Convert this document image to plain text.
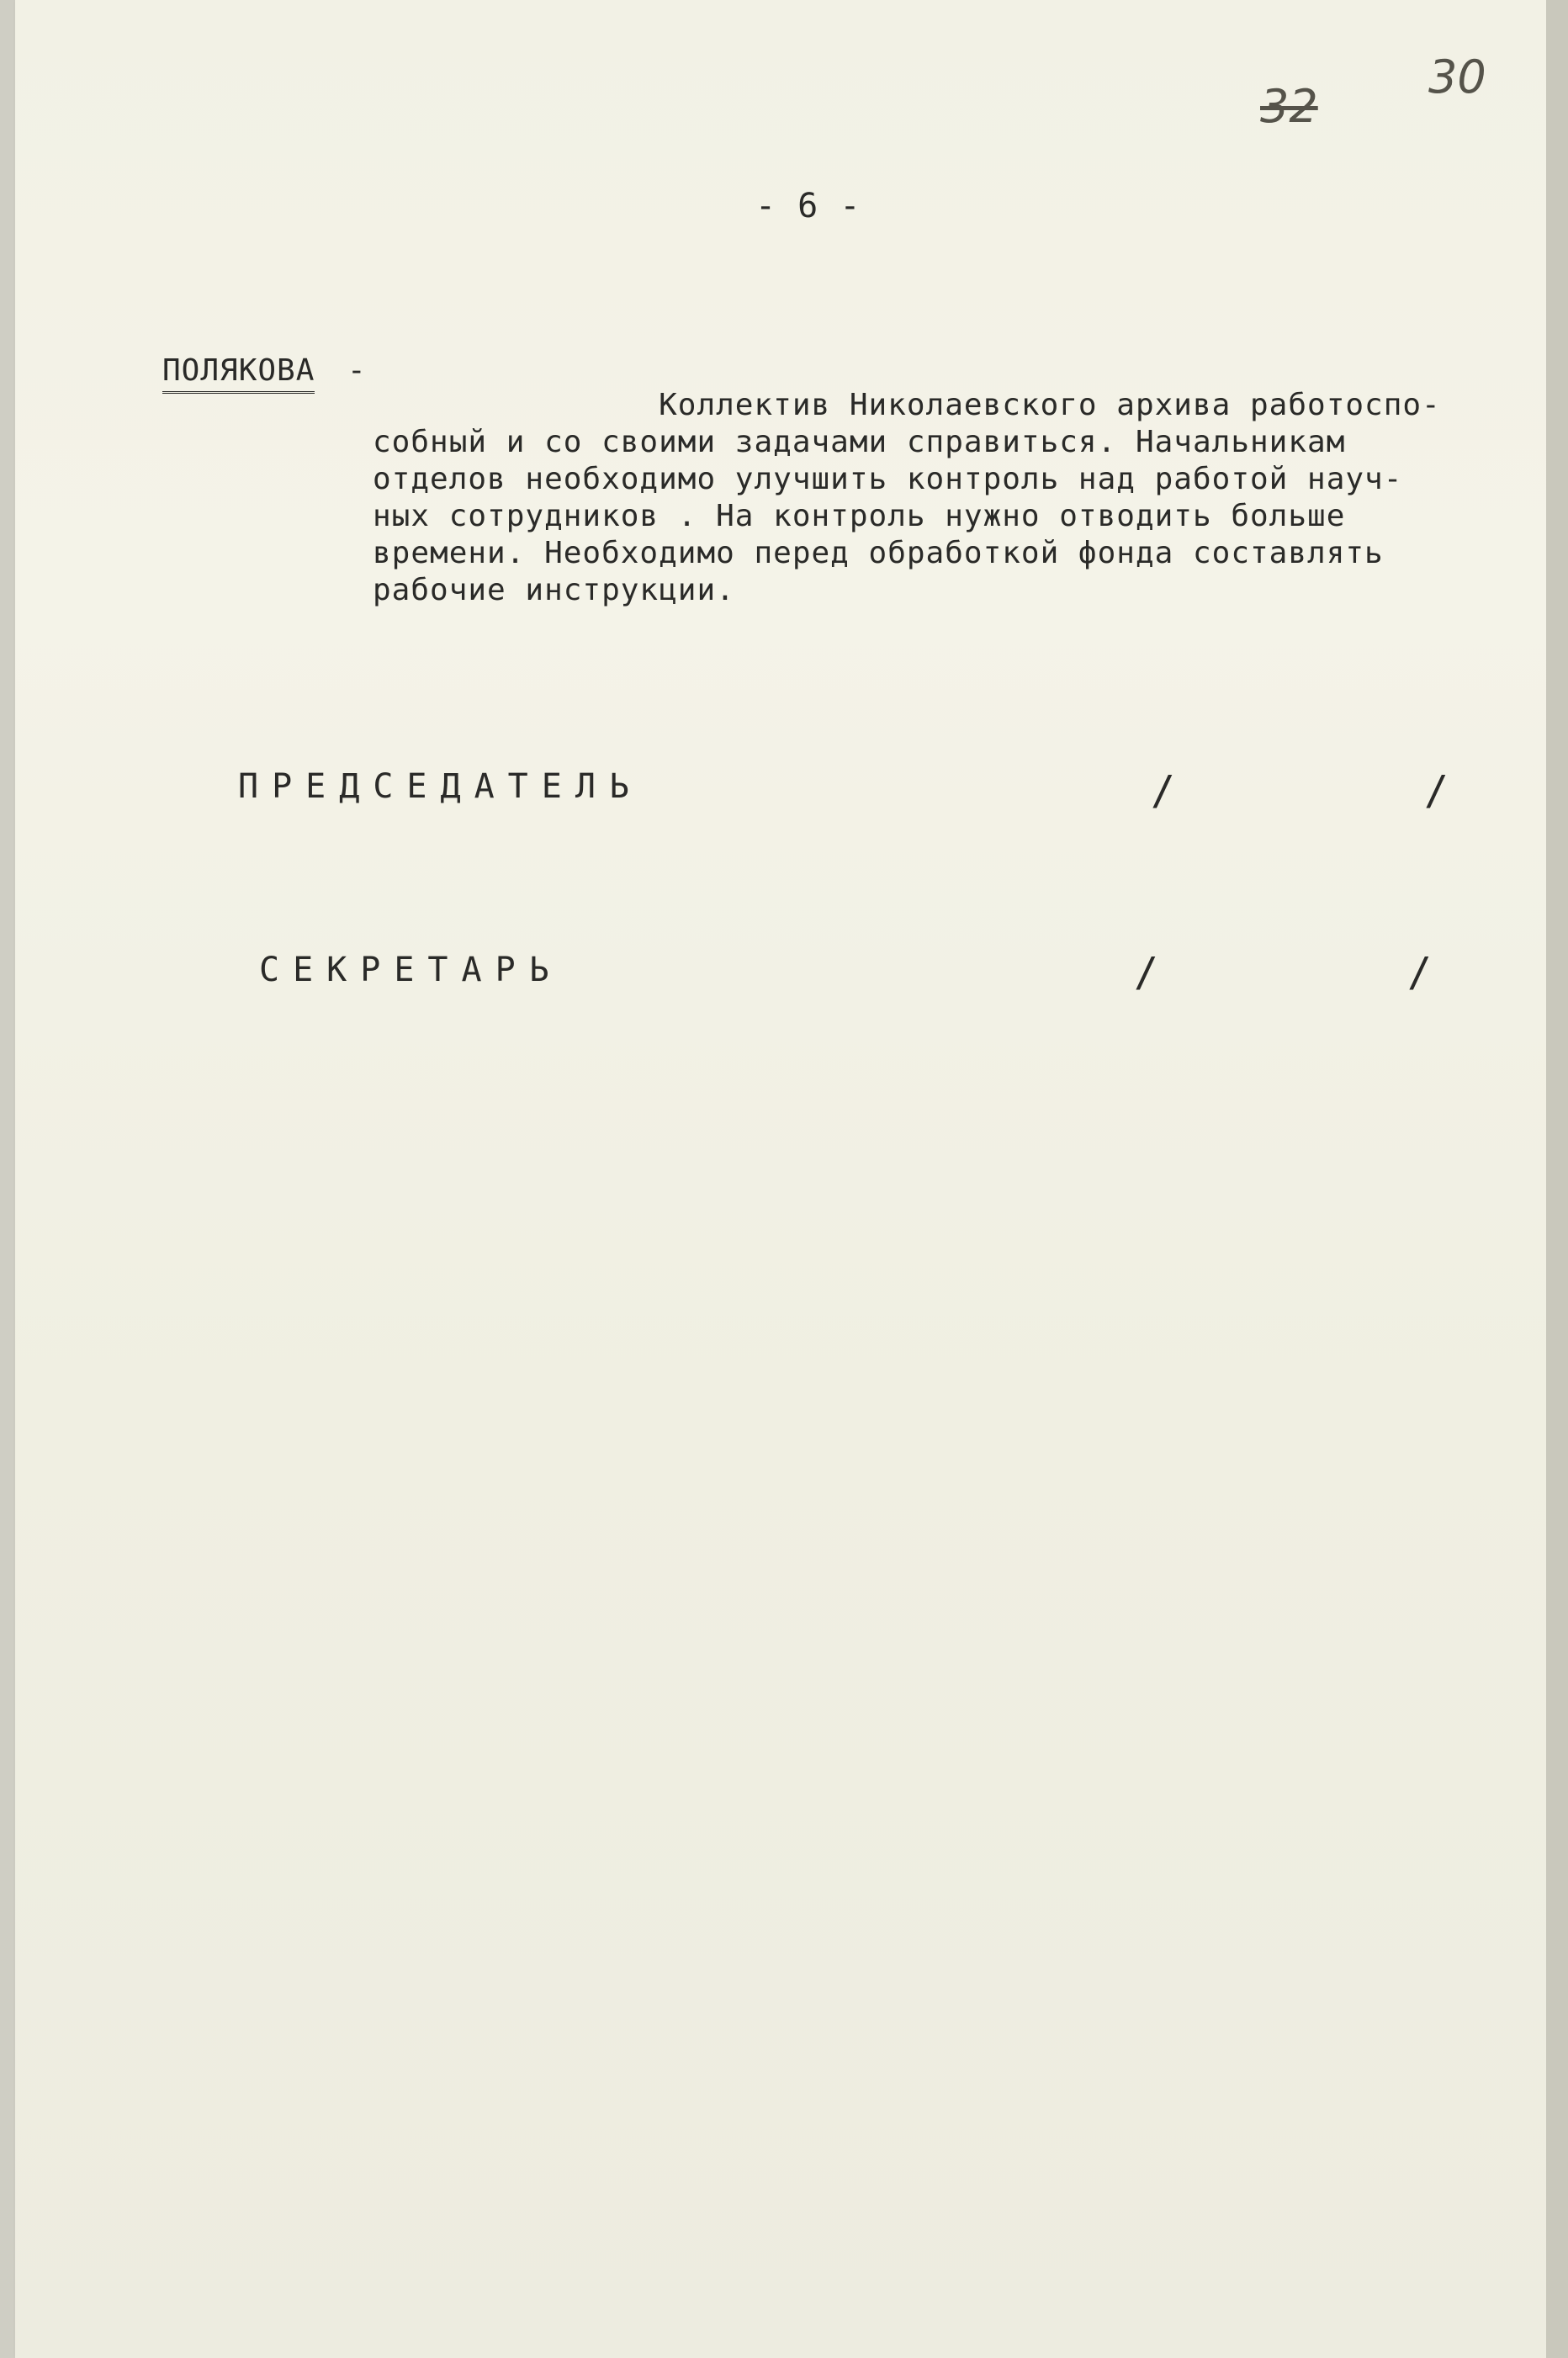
32
30
- 6 -
ПОЛЯКОВА -
Коллектив Николаевского архива работоспо-
собный и со своими задачами справиться. Начальникам
отделов необходимо улучшить контроль над работой науч-
ных сотрудников . На контроль нужно отводить больше
времени. Необходимо перед обработкой фонда составлять
рабочие инструкции.
ПРЕДСЕДАТЕЛЬ	/	/
СЕКРЕТАРЬ	/	/
